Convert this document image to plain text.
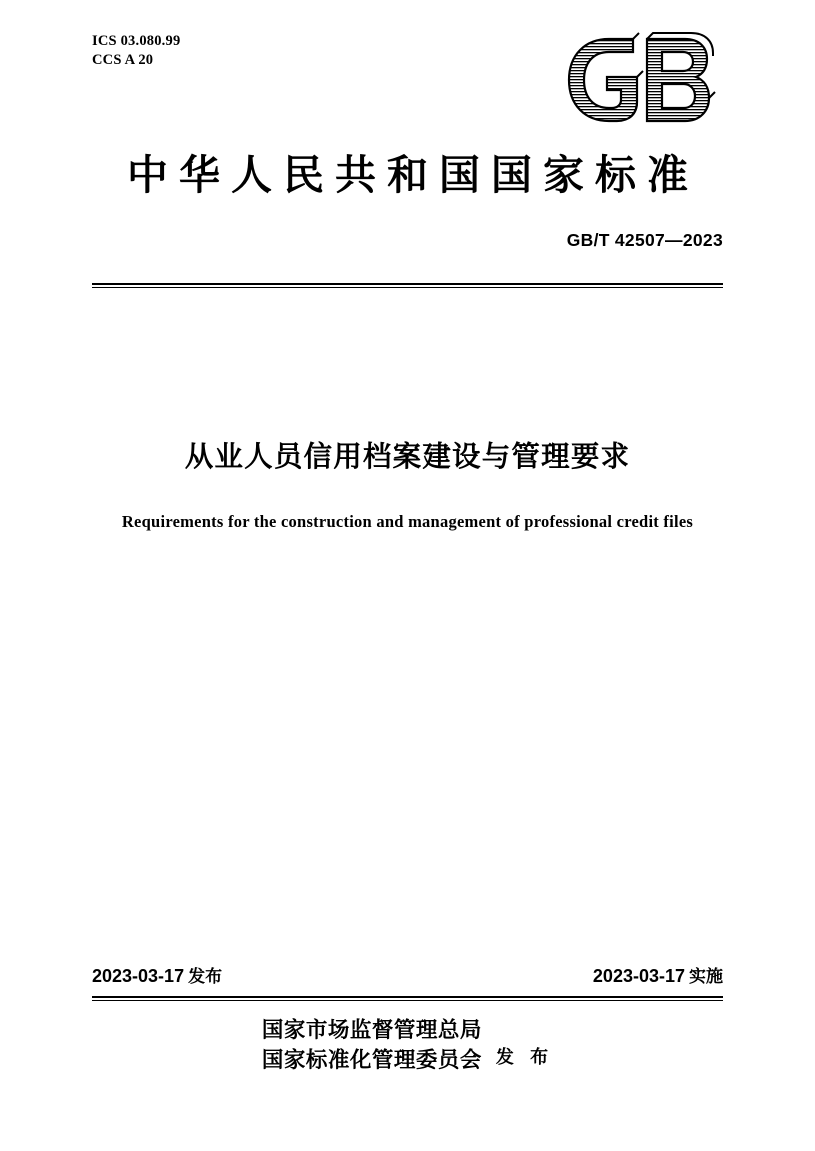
ICS 03.080.99
CCS A 20
中华人民共和国国家标准
GB/T 42507—2023
从业人员信用档案建设与管理要求
Requirements for the construction and management of professional credit files
2023-03-17 发布	2023-03-17 实施
国家市场监督管理总局
国家标准化管理委员会 发 布
